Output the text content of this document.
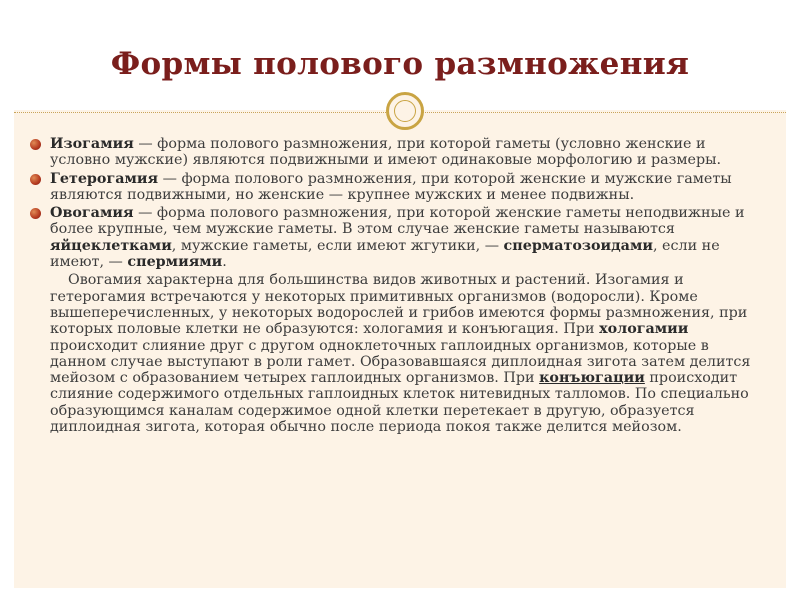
Формы полового размножения

Изогамия — форма полового размножения, при которой гаметы (условно женские и условно мужские) являются подвижными и имеют одинаковые морфологию и размеры.

Гетерогамия — форма полового размножения, при которой женские и мужские гаметы являются подвижными, но женские — крупнее мужских и менее подвижны.

Овогамия — форма полового размножения, при которой женские гаметы неподвижные и более крупные, чем мужские гаметы. В этом случае женские гаметы называются яйцеклетками, мужские гаметы, если имеют жгутики, — сперматозоидами, если не имеют, — спермиями.

Овогамия характерна для большинства видов животных и растений. Изогамия и гетерогамия встречаются у некоторых примитивных организмов (водоросли). Кроме вышеперечисленных, у некоторых водорослей и грибов имеются формы размножения, при которых половые клетки не образуются: хологамия и конъюгация. При хологамии происходит слияние друг с другом одноклеточных гаплоидных организмов, которые в данном случае выступают в роли гамет. Образовавшаяся диплоидная зигота затем делится мейозом с образованием четырех гаплоидных организмов. При конъюгации происходит слияние содержимого отдельных гаплоидных клеток нитевидных талломов. По специально образующимся каналам содержимое одной клетки перетекает в другую, образуется диплоидная зигота, которая обычно после периода покоя также делится мейозом.
